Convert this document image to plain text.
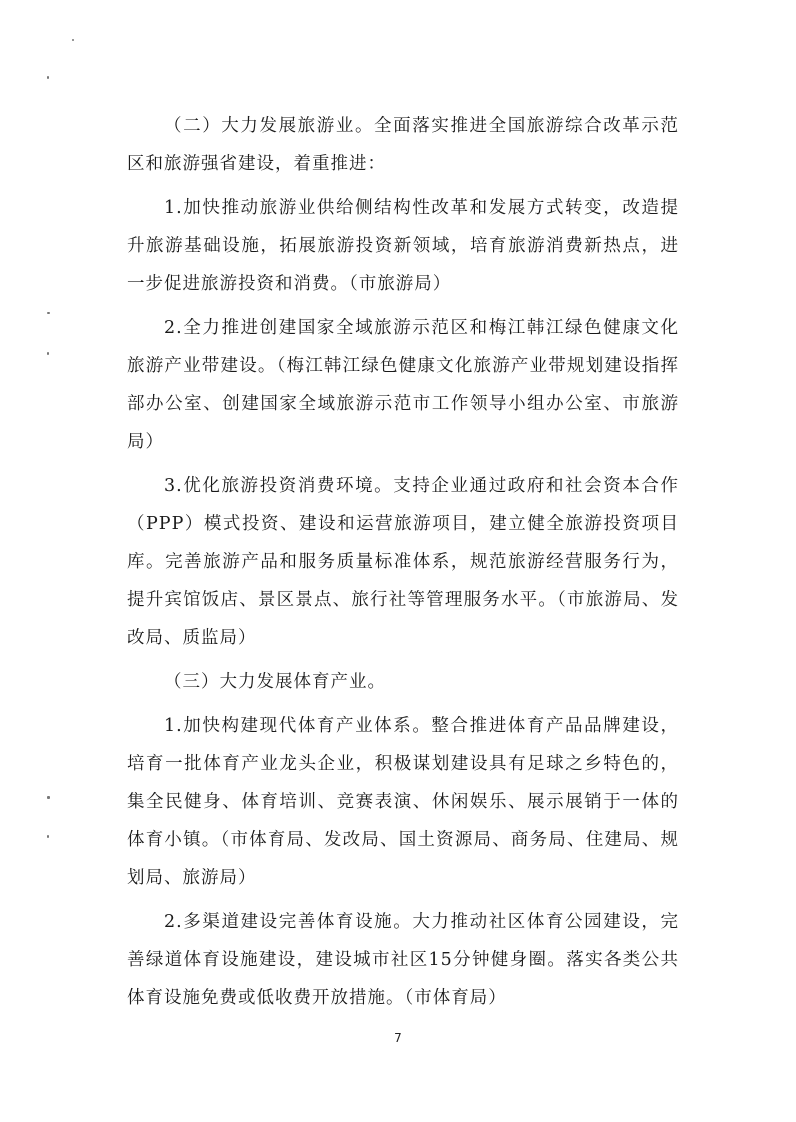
（二）大力发展旅游业。全面落实推进全国旅游综合改革示范区和旅游强省建设，着重推进：

1.加快推动旅游业供给侧结构性改革和发展方式转变，改造提升旅游基础设施，拓展旅游投资新领域，培育旅游消费新热点，进一步促进旅游投资和消费。（市旅游局）

2.全力推进创建国家全域旅游示范区和梅江韩江绿色健康文化旅游产业带建设。（梅江韩江绿色健康文化旅游产业带规划建设指挥部办公室、创建国家全域旅游示范市工作领导小组办公室、市旅游局）

3.优化旅游投资消费环境。支持企业通过政府和社会资本合作（PPP）模式投资、建设和运营旅游项目，建立健全旅游投资项目库。完善旅游产品和服务质量标准体系，规范旅游经营服务行为，提升宾馆饭店、景区景点、旅行社等管理服务水平。（市旅游局、发改局、质监局）

（三）大力发展体育产业。

1.加快构建现代体育产业体系。整合推进体育产品品牌建设，培育一批体育产业龙头企业，积极谋划建设具有足球之乡特色的，集全民健身、体育培训、竞赛表演、休闲娱乐、展示展销于一体的体育小镇。（市体育局、发改局、国土资源局、商务局、住建局、规划局、旅游局）

2.多渠道建设完善体育设施。大力推动社区体育公园建设，完善绿道体育设施建设，建设城市社区15分钟健身圈。落实各类公共体育设施免费或低收费开放措施。（市体育局）

7
